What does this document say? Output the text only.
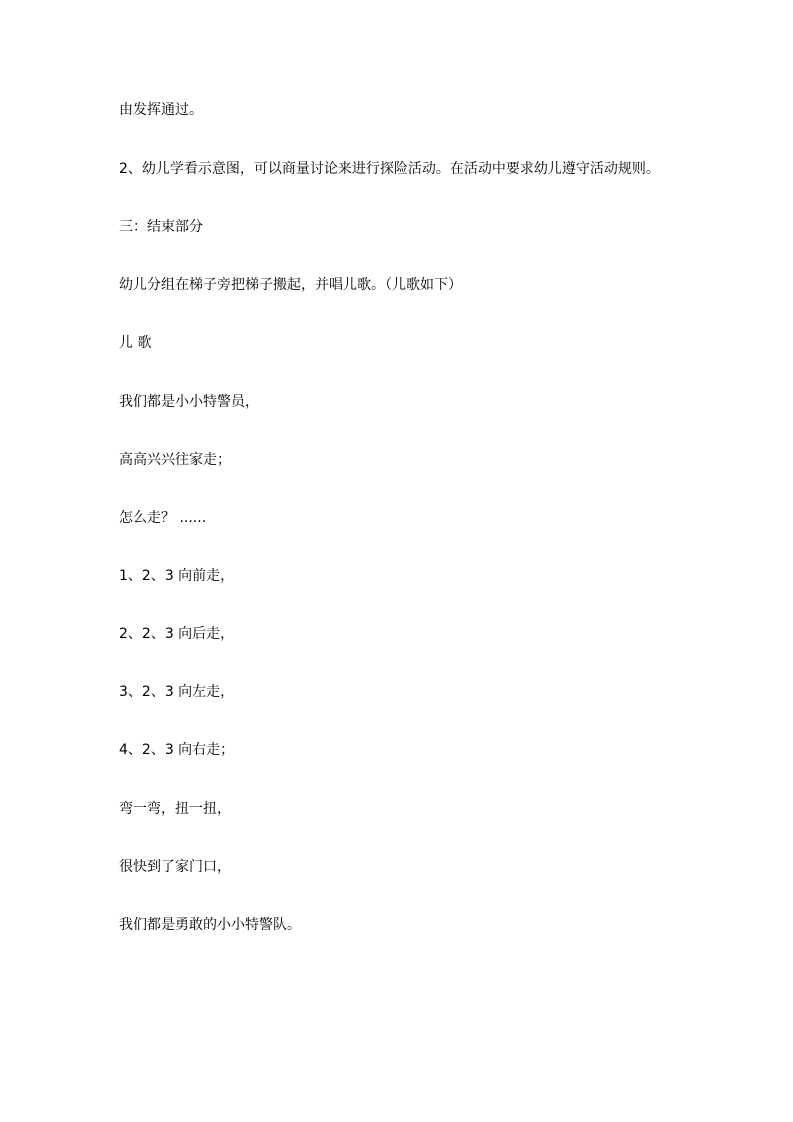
由发挥通过。
2、幼儿学看示意图，可以商量讨论来进行探险活动。在活动中要求幼儿遵守活动规则。
三：结束部分
幼儿分组在梯子旁把梯子搬起，并唱儿歌。（儿歌如下）
儿 歌
我们都是小小特警员，
高高兴兴往家走；
怎么走？ ......
1、2、3 向前走，
2、2、3 向后走，
3、2、3 向左走，
4、2、3 向右走；
弯一弯，扭一扭，
很快到了家门口，
我们都是勇敢的小小特警队。
